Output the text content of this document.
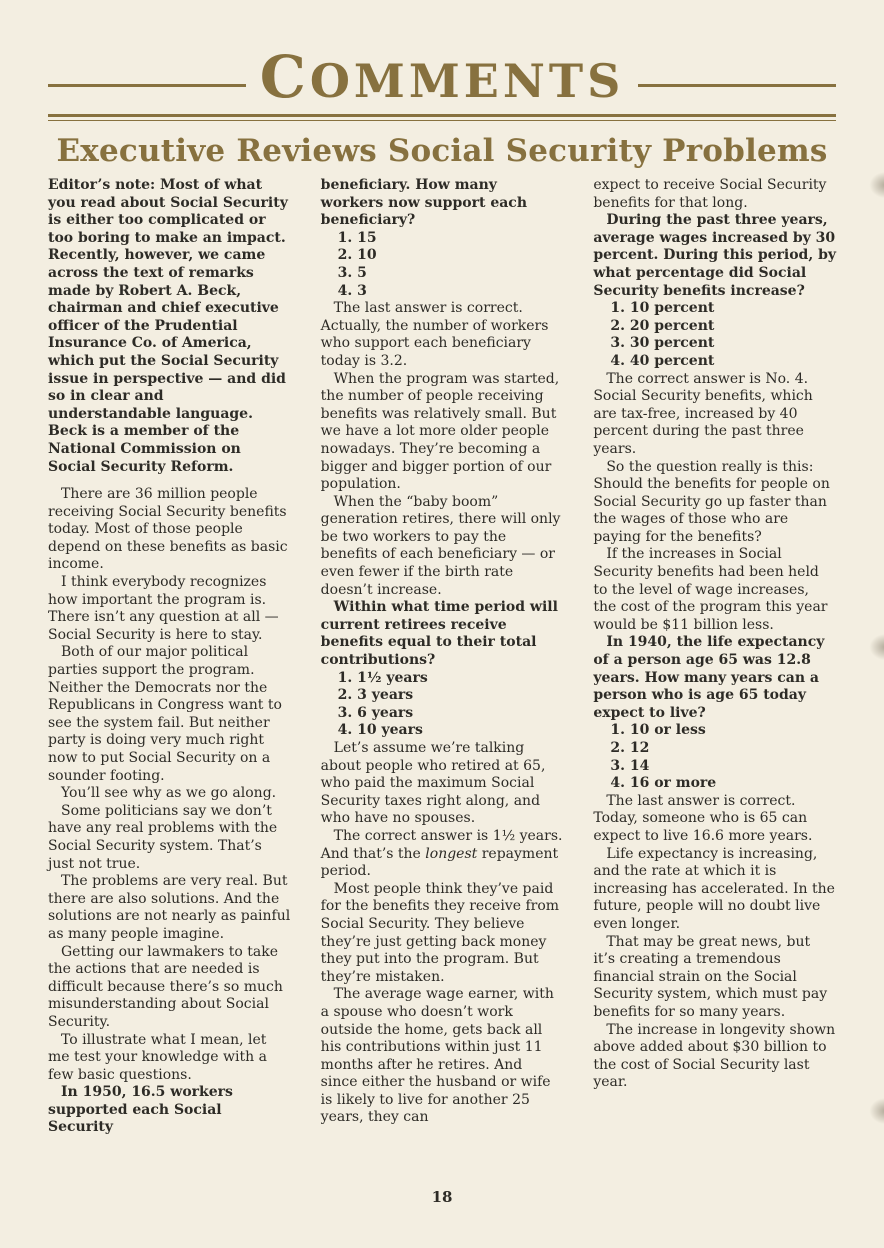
COMMENTS
Executive Reviews Social Security Problems

Editor’s note: Most of what you read about Social Security is either too complicated or too boring to make an impact. Recently, however, we came across the text of remarks made by Robert A. Beck, chairman and chief executive officer of the Prudential Insurance Co. of America, which put the Social Security issue in perspective — and did so in clear and understandable language. Beck is a member of the National Commission on Social Security Reform.

There are 36 million people receiving Social Security benefits today. Most of those people depend on these benefits as basic income.

I think everybody recognizes how important the program is. There isn’t any question at all — Social Security is here to stay.

Both of our major political parties support the program. Neither the Democrats nor the Republicans in Congress want to see the system fail. But neither party is doing very much right now to put Social Security on a sounder footing.

You’ll see why as we go along.

Some politicians say we don’t have any real problems with the Social Security system. That’s just not true.

The problems are very real. But there are also solutions. And the solutions are not nearly as painful as many people imagine.

Getting our lawmakers to take the actions that are needed is difficult because there’s so much misunderstanding about Social Security.

To illustrate what I mean, let me test your knowledge with a few basic questions.

In 1950, 16.5 workers supported each Social Security

beneficiary. How many workers now support each beneficiary?

1. 15

2. 10

3. 5

4. 3

The last answer is correct. Actually, the number of workers who support each beneficiary today is 3.2.

When the program was started, the number of people receiving benefits was relatively small. But we have a lot more older people nowadays. They’re becoming a bigger and bigger portion of our population.

When the “baby boom” generation retires, there will only be two workers to pay the benefits of each beneficiary — or even fewer if the birth rate doesn’t increase.

Within what time period will current retirees receive benefits equal to their total contributions?

1. 1½ years

2. 3 years

3. 6 years

4. 10 years

Let’s assume we’re talking about people who retired at 65, who paid the maximum Social Security taxes right along, and who have no spouses.

The correct answer is 1½ years. And that’s the longest repayment period.

Most people think they’ve paid for the benefits they receive from Social Security. They believe they’re just getting back money they put into the program. But they’re mistaken.

The average wage earner, with a spouse who doesn’t work outside the home, gets back all his contributions within just 11 months after he retires. And since either the husband or wife is likely to live for another 25 years, they can

expect to receive Social Security benefits for that long.

During the past three years, average wages increased by 30 percent. During this period, by what percentage did Social Security benefits increase?

1. 10 percent

2. 20 percent

3. 30 percent

4. 40 percent

The correct answer is No. 4. Social Security benefits, which are tax-free, increased by 40 percent during the past three years.

So the question really is this: Should the benefits for people on Social Security go up faster than the wages of those who are paying for the benefits?

If the increases in Social Security benefits had been held to the level of wage increases, the cost of the program this year would be $11 billion less.

In 1940, the life expectancy of a person age 65 was 12.8 years. How many years can a person who is age 65 today expect to live?

1. 10 or less

2. 12

3. 14

4. 16 or more

The last answer is correct. Today, someone who is 65 can expect to live 16.6 more years.

Life expectancy is increasing, and the rate at which it is increasing has accelerated. In the future, people will no doubt live even longer.

That may be great news, but it’s creating a tremendous financial strain on the Social Security system, which must pay benefits for so many years.

The increase in longevity shown above added about $30 billion to the cost of Social Security last year.

18
